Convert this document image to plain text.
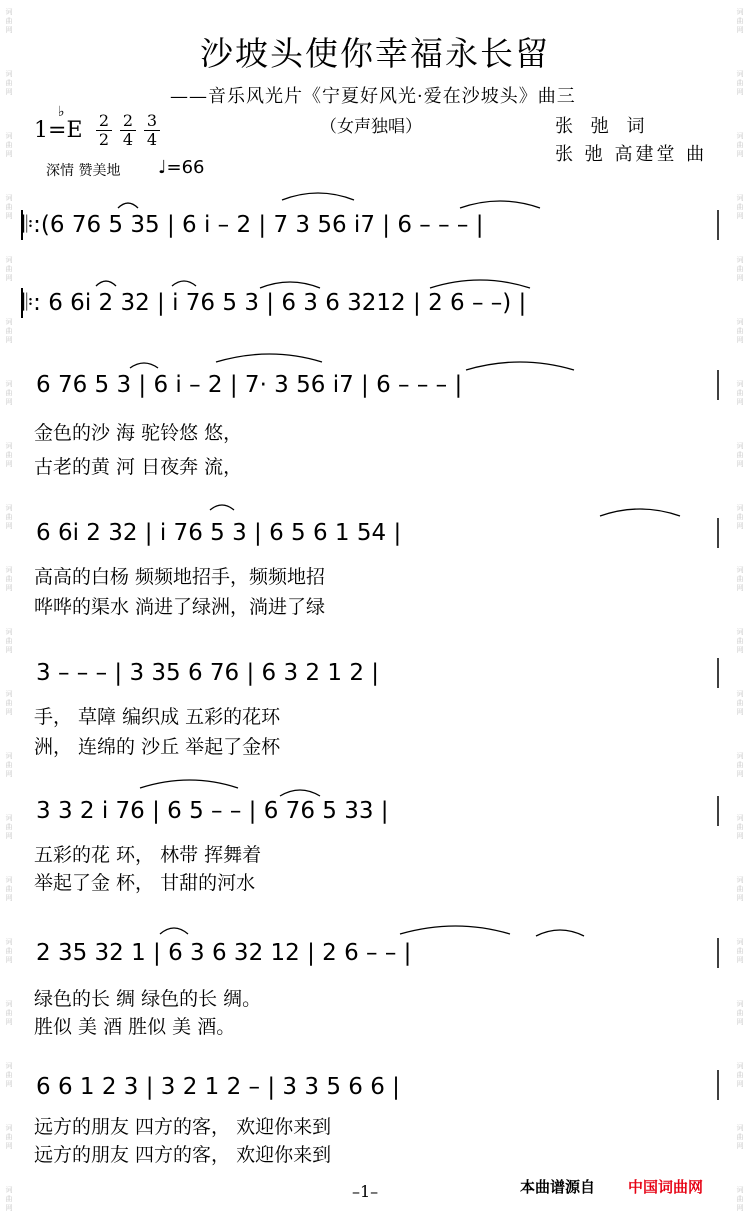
词
曲
网
词
曲
网
词
曲
网
词
曲
网
词
曲
网
词
曲
网
词
曲
网
词
曲
网
词
曲
网
词
曲
网
词
曲
网
词
曲
网
词
曲
网
词
曲
网
词
曲
网
词
曲
网
词
曲
网
词
曲
网
词
曲
网
词
曲
网
词
曲
网
词
曲
网
词
曲
网
词
曲
网
词
曲
网
词
曲
网
词
曲
网
词
曲
网
词
曲
网
词
曲
网
词
曲
网
词
曲
网
词
曲
网
词
曲
网
词
曲
网
词
曲
网
词
曲
网
词
曲
网
词
曲
网
词
曲
网
沙坡头使你幸福永长留
——音乐风光片《宁夏好风光·爱在沙坡头》曲三
（女声独唱）	张 弛 词
张 弛 高建堂 曲
1=E
♭ 2
2
2
4
3
4
深情 赞美地 ♩=66
𝄆:(6 76 5 35 | 6 i – 2 | 7 3 56 i7 | 6 – – – |
𝄆: 6 6i 2 32 | i 76 5 3 | 6 3 6 3212 | 2 6 – –) |
6 76 5 3 | 6 i – 2 | 7· 3 56 i7 | 6 – – – |
金色的沙 海 驼铃悠 悠，
古老的黄 河 日夜奔 流，
6 6i 2 32 | i 76 5 3 | 6 5 6 1 54 |
高高的白杨 频频地招手，频频地招
哗哗的渠水 淌进了绿洲，淌进了绿
3 – – – | 3 35 6 76 | 6 3 2 1 2 |
手， 草障 编织成 五彩的花环
洲， 连绵的 沙丘 举起了金杯
3 3 2 i 76 | 6 5 – – | 6 76 5 33 |
五彩的花 环， 林带 挥舞着
举起了金 杯， 甘甜的河水
2 35 32 1 | 6 3 6 32 12 | 2 6 – – |
绿色的长 绸 绿色的长 绸。
胜似 美 酒 胜似 美 酒。
6 6 1 2 3 | 3 2 1 2 – | 3 3 5 6 6 |
远方的朋友 四方的客， 欢迎你来到
远方的朋友 四方的客， 欢迎你来到
–1–	本曲谱源自 中国词曲网
